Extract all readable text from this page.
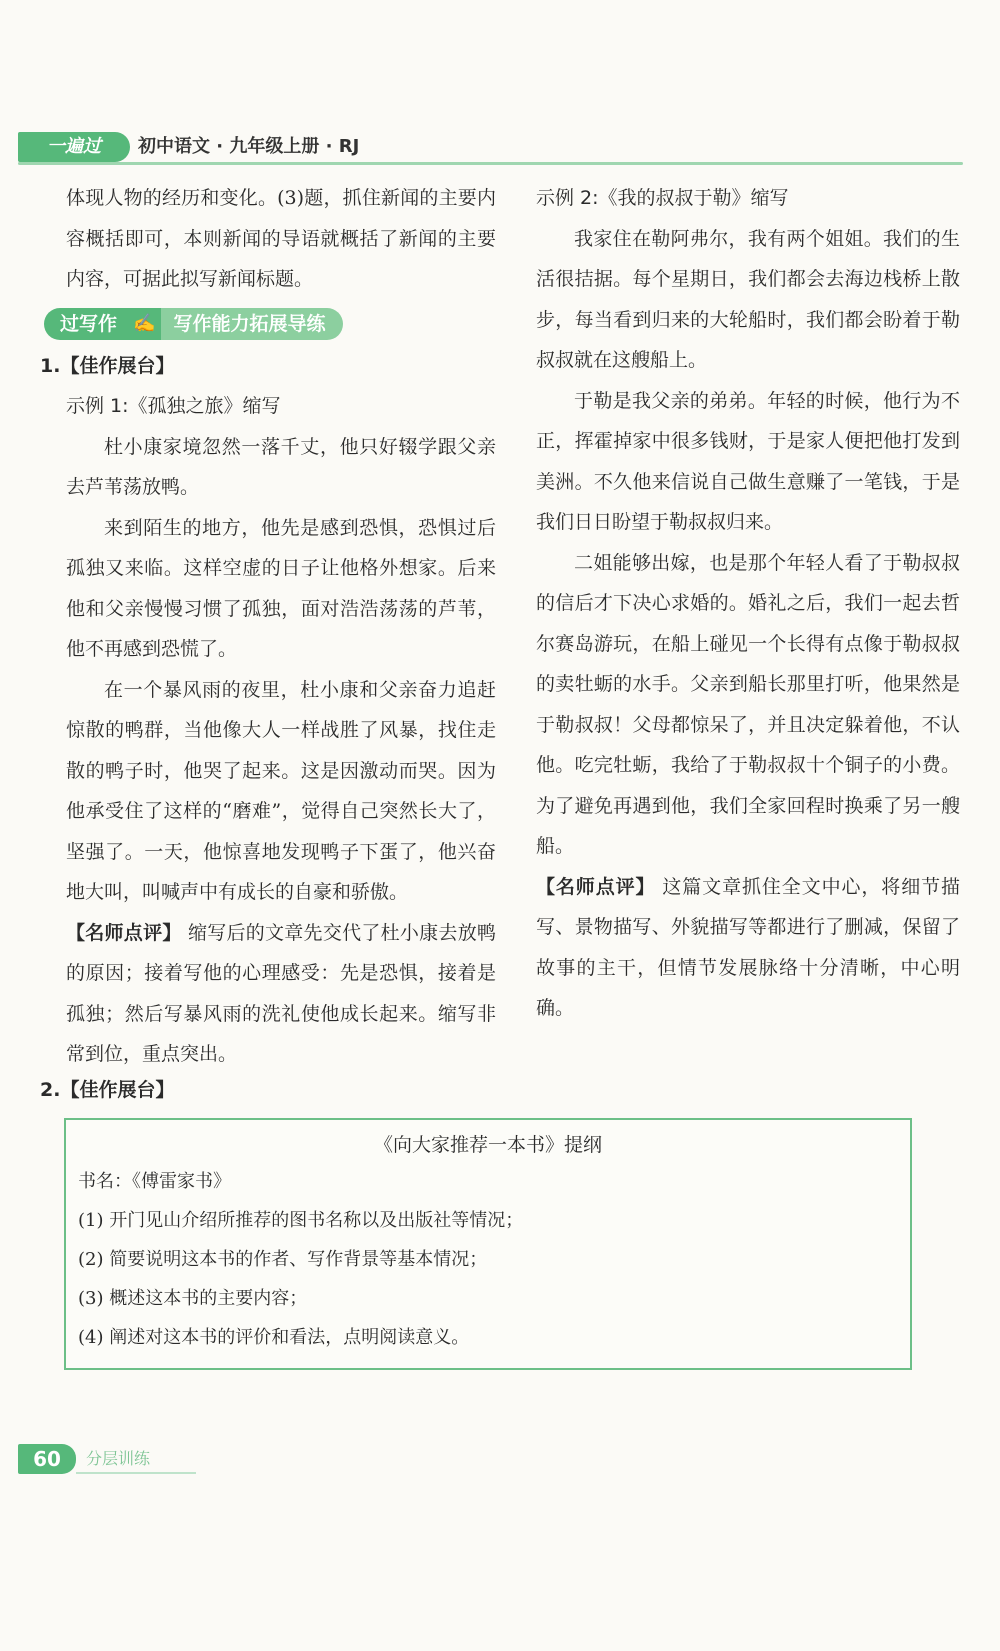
一遍过	初中语文 · 九年级上册 · RJ

体现人物的经历和变化。(3)题，抓住新闻的主要内容概括即可，本则新闻的导语就概括了新闻的主要内容，可据此拟写新闻标题。

过写作 ✍ 写作能力拓展导练

1.【佳作展台】

示例 1:《孤独之旅》缩写

杜小康家境忽然一落千丈，他只好辍学跟父亲去芦苇荡放鸭。

来到陌生的地方，他先是感到恐惧，恐惧过后孤独又来临。这样空虚的日子让他格外想家。后来他和父亲慢慢习惯了孤独，面对浩浩荡荡的芦苇，他不再感到恐慌了。

在一个暴风雨的夜里，杜小康和父亲奋力追赶惊散的鸭群，当他像大人一样战胜了风暴，找住走散的鸭子时，他哭了起来。这是因激动而哭。因为他承受住了这样的“磨难”，觉得自己突然长大了，坚强了。一天，他惊喜地发现鸭子下蛋了，他兴奋地大叫，叫喊声中有成长的自豪和骄傲。

【名师点评】 缩写后的文章先交代了杜小康去放鸭的原因；接着写他的心理感受：先是恐惧，接着是孤独；然后写暴风雨的洗礼使他成长起来。缩写非常到位，重点突出。

示例 2:《我的叔叔于勒》缩写

我家住在勒阿弗尔，我有两个姐姐。我们的生活很拮据。每个星期日，我们都会去海边栈桥上散步，每当看到归来的大轮船时，我们都会盼着于勒叔叔就在这艘船上。

于勒是我父亲的弟弟。年轻的时候，他行为不正，挥霍掉家中很多钱财，于是家人便把他打发到美洲。不久他来信说自己做生意赚了一笔钱，于是我们日日盼望于勒叔叔归来。

二姐能够出嫁，也是那个年轻人看了于勒叔叔的信后才下决心求婚的。婚礼之后，我们一起去哲尔赛岛游玩，在船上碰见一个长得有点像于勒叔叔的卖牡蛎的水手。父亲到船长那里打听，他果然是于勒叔叔！父母都惊呆了，并且决定躲着他，不认他。吃完牡蛎，我给了于勒叔叔十个铜子的小费。为了避免再遇到他，我们全家回程时换乘了另一艘船。

【名师点评】 这篇文章抓住全文中心，将细节描写、景物描写、外貌描写等都进行了删减，保留了故事的主干，但情节发展脉络十分清晰，中心明确。

2.【佳作展台】
《向大家推荐一本书》提纲
书名：《傅雷家书》
(1) 开门见山介绍所推荐的图书名称以及出版社等情况；
(2) 简要说明这本书的作者、写作背景等基本情况；
(3) 概述这本书的主要内容；
(4) 阐述对这本书的评价和看法，点明阅读意义。
60	分层训练
